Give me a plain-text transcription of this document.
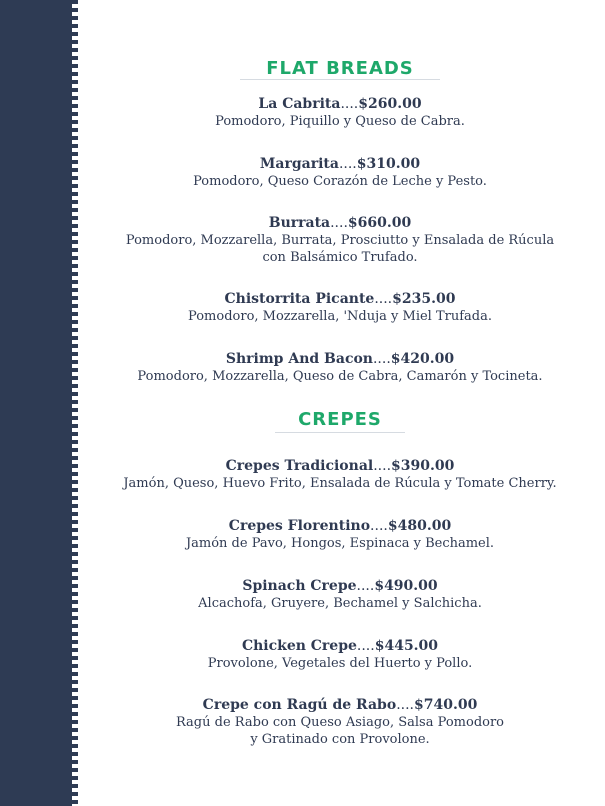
FLAT BREADS
La Cabrita....$260.00
Pomodoro, Piquillo y Queso de Cabra.
Margarita....$310.00
Pomodoro, Queso Corazón de Leche y Pesto.
Burrata....$660.00
Pomodoro, Mozzarella, Burrata, Prosciutto y Ensalada de Rúcula
con Balsámico Trufado.
Chistorrita Picante....$235.00
Pomodoro, Mozzarella, 'Nduja y Miel Trufada.
Shrimp And Bacon....$420.00
Pomodoro, Mozzarella, Queso de Cabra, Camarón y Tocineta.
CREPES
Crepes Tradicional....$390.00
Jamón, Queso, Huevo Frito, Ensalada de Rúcula y Tomate Cherry.
Crepes Florentino....$480.00
Jamón de Pavo, Hongos, Espinaca y Bechamel.
Spinach Crepe....$490.00
Alcachofa, Gruyere, Bechamel y Salchicha.
Chicken Crepe....$445.00
Provolone, Vegetales del Huerto y Pollo.
Crepe con Ragú de Rabo....$740.00
Ragú de Rabo con Queso Asiago, Salsa Pomodoro
y Gratinado con Provolone.
